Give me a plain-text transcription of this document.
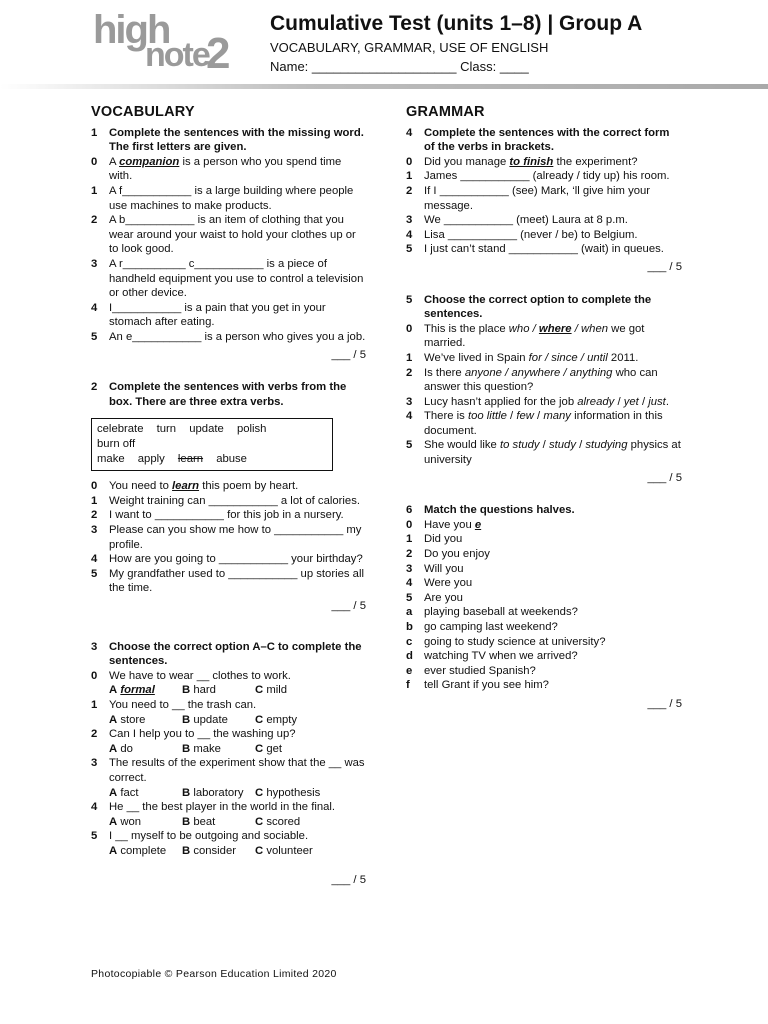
high
note
2
Cumulative Test (units 1–8) | Group A
VOCABULARY, GRAMMAR, USE OF ENGLISH
Name: ____________________ Class: ____
VOCABULARY
1	Complete the sentences with the missing word. The first letters are given.
0	A companion is a person who you spend time with.
1	A f___________ is a large building where people use machines to make products.
2	A b___________ is an item of clothing that you wear around your waist to hold your clothes up or to look good.
3	A r__________ c___________ is a piece of handheld equipment you use to control a television or other device.
4	I___________ is a pain that you get in your stomach after eating.
5	An e___________ is a person who gives you a job.
___ / 5
2	Complete the sentences with verbs from the box. There are three extra verbs.
celebrate turn update polish burn off
make apply learn abuse
0	You need to learn this poem by heart.
1	Weight training can ___________ a lot of calories.
2	I want to ___________ for this job in a nursery.
3	Please can you show me how to ___________ my profile.
4	How are you going to ___________ your birthday?
5	My grandfather used to ___________ up stories all the time.
___ / 5
3	Choose the correct option A–C to complete the sentences.
0	We have to wear __ clothes to work.
A formal	B hard	C mild
1	You need to __ the trash can.
A store	B update	C empty
2	Can I help you to __ the washing up?
A do	B make	C get
3	The results of the experiment show that the __ was correct.
A fact	B laboratory	C hypothesis
4	He __ the best player in the world in the final.
A won	B beat	C scored
5	I __ myself to be outgoing and sociable.
A complete	B consider	C volunteer
___ / 5
GRAMMAR
4	Complete the sentences with the correct form of the verbs in brackets.
0	Did you manage to finish the experiment?
1	James ___________ (already / tidy up) his room.
2	If I ___________ (see) Mark, ‘ll give him your message.
3	We ___________ (meet) Laura at 8 p.m.
4	Lisa ___________ (never / be) to Belgium.
5	I just can’t stand ___________ (wait) in queues.
___ / 5
5	Choose the correct option to complete the sentences.
0	This is the place who / where / when we got married.
1	We’ve lived in Spain for / since / until 2011.
2	Is there anyone / anywhere / anything who can answer this question?
3	Lucy hasn’t applied for the job already / yet / just.
4	There is too little / few / many information in this document.
5	She would like to study / study / studying physics at university
___ / 5
6	Match the questions halves.
0	Have you e
1	Did you
2	Do you enjoy
3	Will you
4	Were you
5	Are you
a	playing baseball at weekends?
b go camping last weekend?
c	going to study science at university?
d watching TV when we arrived?
e	ever studied Spanish?
f	tell Grant if you see him?
___ / 5
Photocopiable © Pearson Education Limited 2020
